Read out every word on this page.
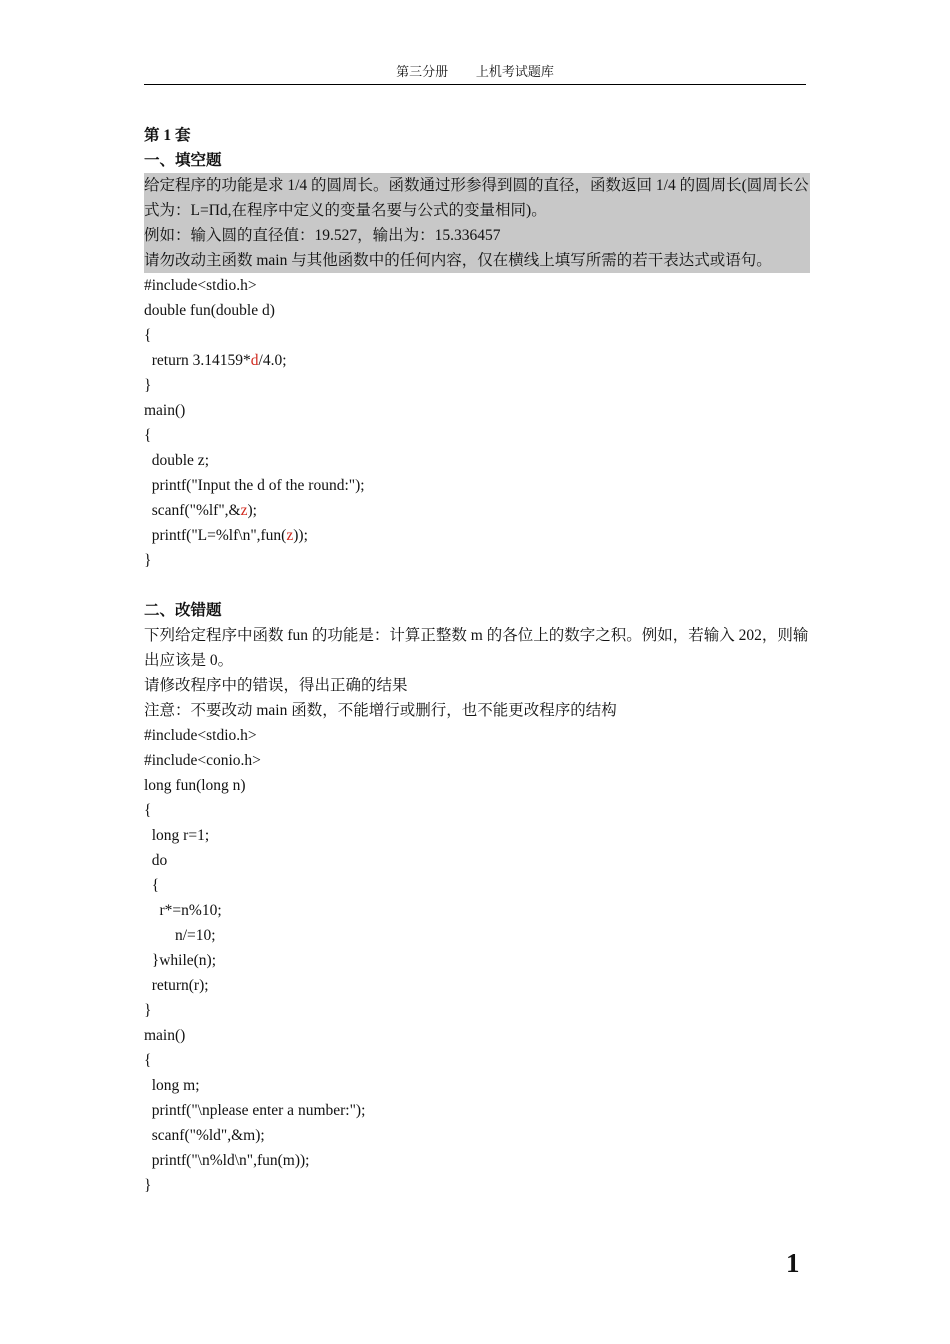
第三分册 上机考试题库
第 1 套
一、填空题
给定程序的功能是求 1/4 的圆周长。函数通过形参得到圆的直径，函数返回 1/4 的圆周长(圆周长公式为：L=Πd,在程序中定义的变量名要与公式的变量相同)。
例如：输入圆的直径值：19.527，输出为：15.336457
请勿改动主函数 main 与其他函数中的任何内容，仅在横线上填写所需的若干表达式或语句。
#include<stdio.h>
double fun(double d)
{
return 3.14159*d/4.0;
}
main()
{
double z;
printf("Input the d of the round:");
scanf("%lf",&z);
printf("L=%lf\n",fun(z));
}
二、改错题
下列给定程序中函数 fun 的功能是：计算正整数 m 的各位上的数字之积。例如，若输入 202，则输出应该是 0。
请修改程序中的错误，得出正确的结果
注意：不要改动 main 函数，不能增行或删行，也不能更改程序的结构
#include<stdio.h>
#include<conio.h>
long fun(long n)
{
long r=1;
do
{
r*=n%10;
n/=10;
}while(n);
return(r);
}
main()
{
long m;
printf("\nplease enter a number:");
scanf("%ld",&m);
printf("\n%ld\n",fun(m));
}
1
